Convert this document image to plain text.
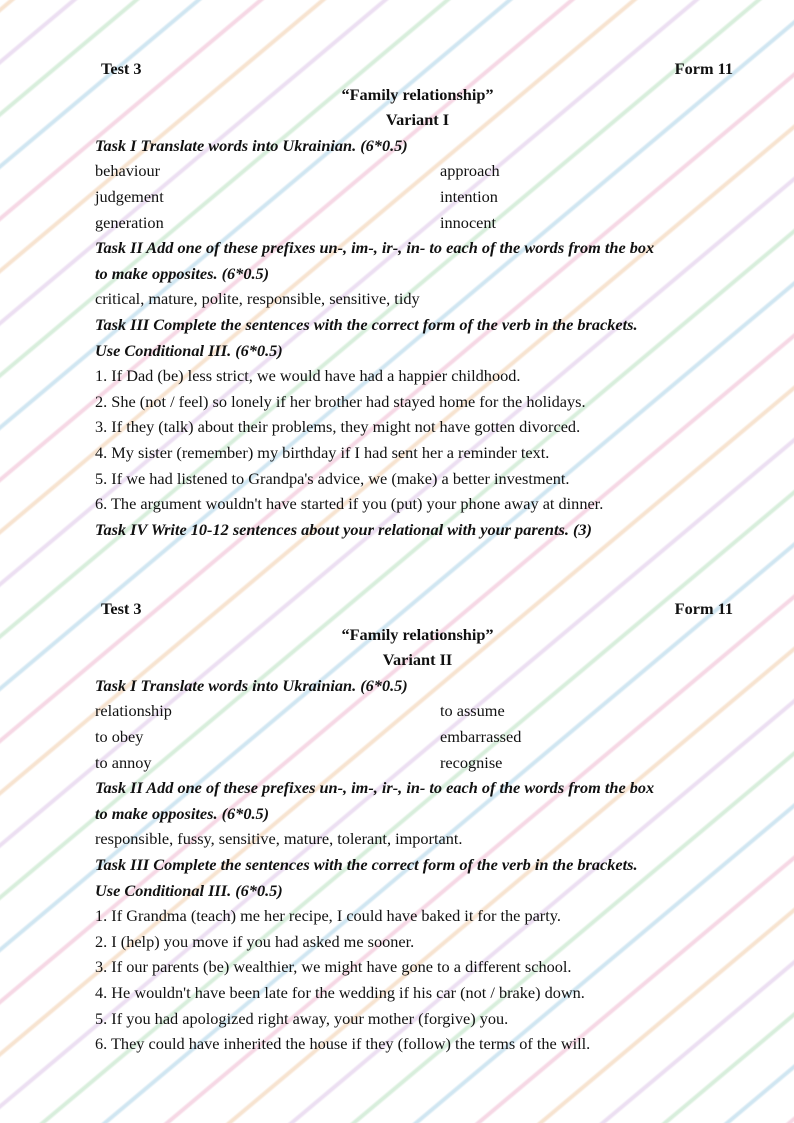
Test 3	Form 11
“Family relationship”
Variant I
Task I Translate words into Ukrainian. (6*0.5)
behaviour	approach
judgement	intention
generation	innocent
Task II Add one of these prefixes un-, im-, ir-, in- to each of the words from the box
to make opposites. (6*0.5)
critical, mature, polite, responsible, sensitive, tidy
Task III Complete the sentences with the correct form of the verb in the brackets.
Use Conditional III. (6*0.5)
1. If Dad (be) less strict, we would have had a happier childhood.
2. She (not / feel) so lonely if her brother had stayed home for the holidays.
3. If they (talk) about their problems, they might not have gotten divorced.
4. My sister (remember) my birthday if I had sent her a reminder text.
5. If we had listened to Grandpa's advice, we (make) a better investment.
6. The argument wouldn't have started if you (put) your phone away at dinner.
Task IV Write 10-12 sentences about your relational with your parents. (3)
Test 3	Form 11
“Family relationship”
Variant II
Task I Translate words into Ukrainian. (6*0.5)
relationship	to assume
to obey	embarrassed
to annoy	recognise
Task II Add one of these prefixes un-, im-, ir-, in- to each of the words from the box
to make opposites. (6*0.5)
responsible, fussy, sensitive, mature, tolerant, important.
Task III Complete the sentences with the correct form of the verb in the brackets.
Use Conditional III. (6*0.5)
1. If Grandma (teach) me her recipe, I could have baked it for the party.
2. I (help) you move if you had asked me sooner.
3. If our parents (be) wealthier, we might have gone to a different school.
4. He wouldn't have been late for the wedding if his car (not / brake) down.
5. If you had apologized right away, your mother (forgive) you.
6. They could have inherited the house if they (follow) the terms of the will.
